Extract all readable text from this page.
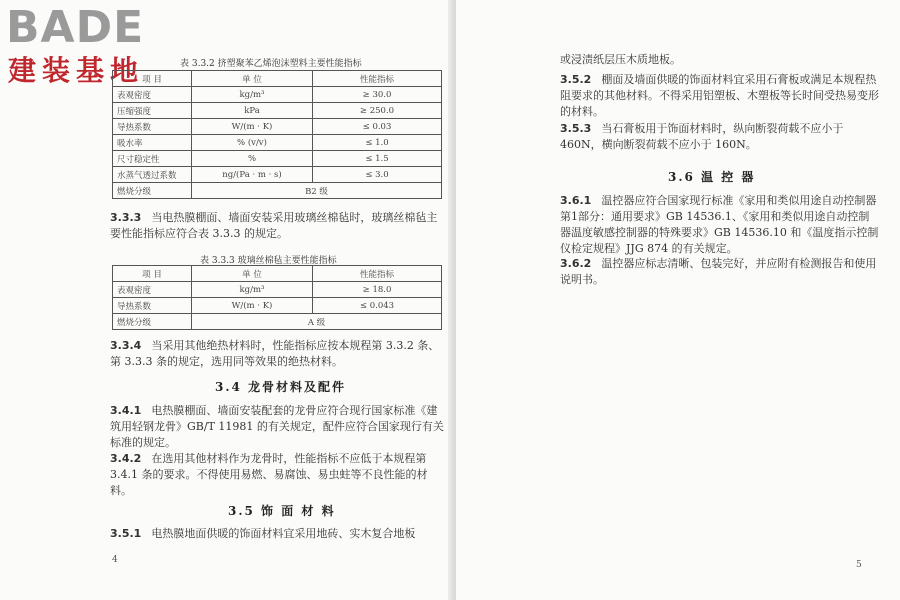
BADE
建装基地	表 3.3.2 挤塑聚苯乙烯泡沫塑料主要性能指标
项 目	单 位	性能指标
表观密度	kg/m³	≥ 30.0
压缩强度	kPa	≥ 250.0
导热系数	W/(m · K)	≤ 0.03
吸水率	% (v/v)	≤ 1.0
尺寸稳定性	%	≤ 1.5
水蒸气透过系数	ng/(Pa · m · s)	≤ 3.0
燃烧分级	B2 级	
3.3.3 当电热膜棚面、墙面安装采用玻璃丝棉毡时，玻璃丝棉毡主要性能指标应符合表 3.3.3 的规定。
表 3.3.3 玻璃丝棉毡主要性能指标
项 目	单 位	性能指标
表观密度	kg/m³	≥ 18.0
导热系数	W/(m · K)	≤ 0.043
燃烧分级	A 级	
3.3.4 当采用其他绝热材料时，性能指标应按本规程第 3.3.2 条、第 3.3.3 条的规定，选用同等效果的绝热材料。
3.4 龙骨材料及配件
3.4.1 电热膜棚面、墙面安装配套的龙骨应符合现行国家标准《建筑用轻钢龙骨》GB/T 11981 的有关规定，配件应符合国家现行有关标准的规定。
3.4.2 在选用其他材料作为龙骨时，性能指标不应低于本规程第 3.4.1 条的要求。不得使用易燃、易腐蚀、易虫蛀等不良性能的材料。
3.5 饰 面 材 料
3.5.1 电热膜地面供暖的饰面材料宜采用地砖、实木复合地板
4
或浸渍纸层压木质地板。
3.5.2 棚面及墙面供暖的饰面材料宜采用石膏板或满足本规程热阻要求的其他材料。不得采用铝塑板、木塑板等长时间受热易变形的材料。
3.5.3 当石膏板用于饰面材料时，纵向断裂荷载不应小于 460N，横向断裂荷载不应小于 160N。
3.6 温 控 器
3.6.1 温控器应符合国家现行标准《家用和类似用途自动控制器 第1部分：通用要求》GB 14536.1、《家用和类似用途自动控制器温度敏感控制器的特殊要求》GB 14536.10 和《温度指示控制仪检定规程》JJG 874 的有关规定。
3.6.2 温控器应标志清晰、包装完好，并应附有检测报告和使用说明书。
5
